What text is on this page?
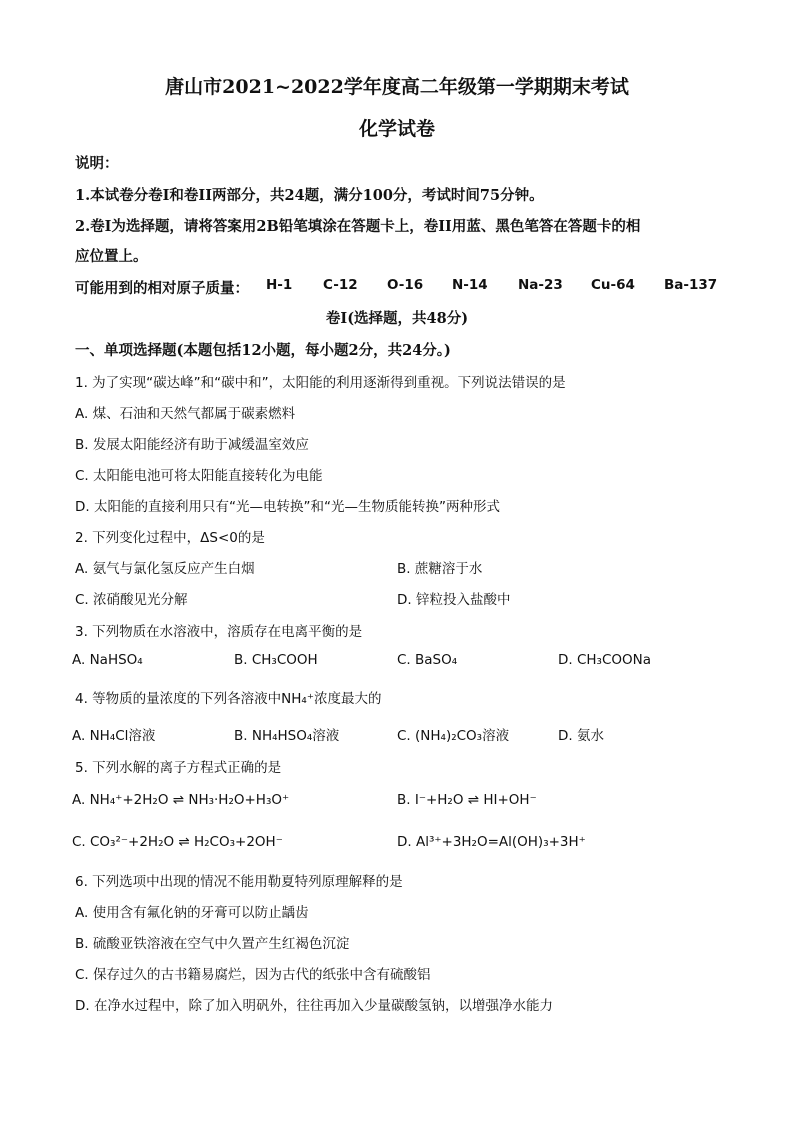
唐山市2021~2022学年度高二年级第一学期期末考试
化学试卷
说明：
1.本试卷分卷I和卷II两部分，共24题，满分100分，考试时间75分钟。
2.卷I为选择题，请将答案用2B铅笔填涂在答题卡上，卷II用蓝、黑色笔答在答题卡的相
应位置上。
可能用到的相对原子质量： H-1 C-12 O-16 N-14 Na-23 Cu-64 Ba-137
卷I(选择题，共48分)
一、单项选择题(本题包括12小题，每小题2分，共24分。)
1. 为了实现“碳达峰”和“碳中和”，太阳能的利用逐渐得到重视。下列说法错误的是
A. 煤、石油和天然气都属于碳素燃料
B. 发展太阳能经济有助于减缓温室效应
C. 太阳能电池可将太阳能直接转化为电能
D. 太阳能的直接利用只有“光—电转换”和“光—生物质能转换”两种形式
2. 下列变化过程中，ΔS<0的是
A. 氨气与氯化氢反应产生白烟	B. 蔗糖溶于水
C. 浓硝酸见光分解	D. 锌粒投入盐酸中
3. 下列物质在水溶液中，溶质存在电离平衡的是
A. NaHSO₄	B. CH₃COOH	C. BaSO₄	D. CH₃COONa
4. 等物质的量浓度的下列各溶液中NH₄⁺浓度最大的
A. NH₄Cl溶液	B. NH₄HSO₄溶液	C. (NH₄)₂CO₃溶液	D. 氨水
5. 下列水解的离子方程式正确的是
A. NH₄⁺+2H₂O ⇌ NH₃·H₂O+H₃O⁺	B. I⁻+H₂O ⇌ HI+OH⁻
C. CO₃²⁻+2H₂O ⇌ H₂CO₃+2OH⁻	D. Al³⁺+3H₂O=Al(OH)₃+3H⁺
6. 下列选项中出现的情况不能用勒夏特列原理解释的是
A. 使用含有氟化钠的牙膏可以防止龋齿
B. 硫酸亚铁溶液在空气中久置产生红褐色沉淀
C. 保存过久的古书籍易腐烂，因为古代的纸张中含有硫酸铝
D. 在净水过程中，除了加入明矾外，往往再加入少量碳酸氢钠，以增强净水能力
